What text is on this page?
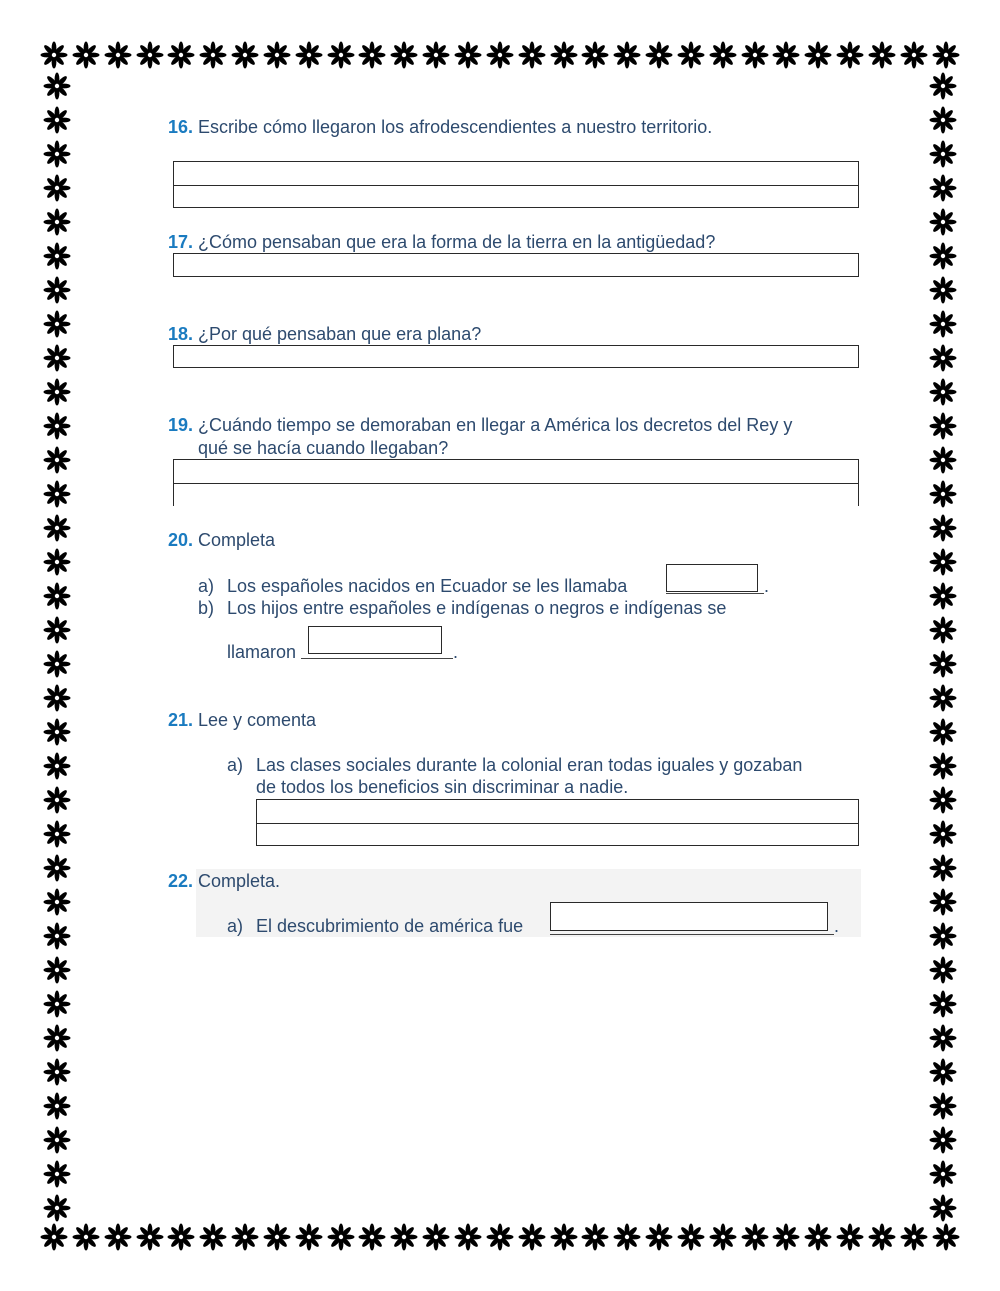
16. Escribe cómo llegaron los afrodescendientes a nuestro territorio.
17. ¿Cómo pensaban que era la forma de la tierra en la antigüedad?
18. ¿Por qué pensaban que era plana?
19. ¿Cuándo tiempo se demoraban en llegar a América los decretos del Rey y
qué se hacía cuando llegaban?
20. Completa
a) Los españoles nacidos en Ecuador se les llamaba	.
b) Los hijos entre españoles e indígenas o negros e indígenas se
llamaron	.
21. Lee y comenta
a) Las clases sociales durante la colonial eran todas iguales y gozaban
de todos los beneficios sin discriminar a nadie.
22. Completa.
a) El descubrimiento de américa fue	.
